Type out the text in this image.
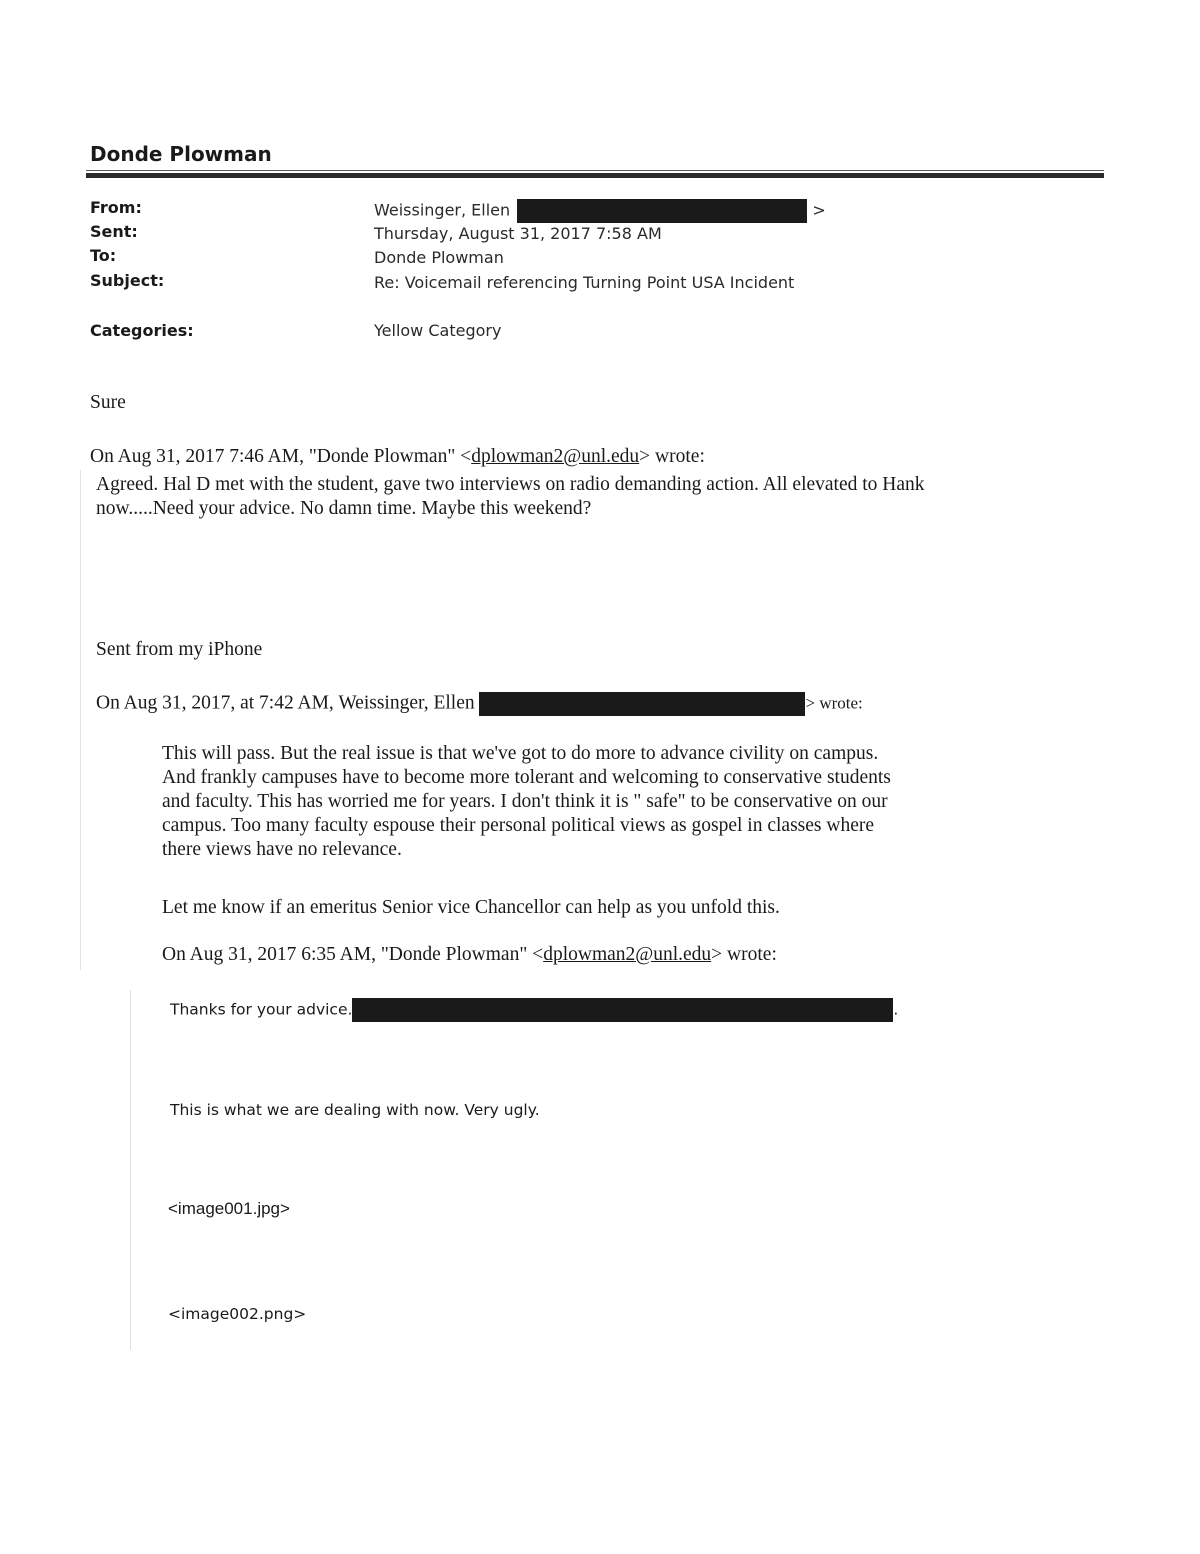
Donde Plowman
From:	Weissinger, Ellen	>
Sent:	Thursday, August 31, 2017 7:58 AM
To:	Donde Plowman
Subject:	Re: Voicemail referencing Turning Point USA Incident
Categories:	Yellow Category
Sure
On Aug 31, 2017 7:46 AM, "Donde Plowman" <dplowman2@unl.edu> wrote:
Agreed. Hal D met with the student, gave two interviews on radio demanding action. All elevated to Hank
now.....Need your advice. No damn time. Maybe this weekend?
Sent from my iPhone
On Aug 31, 2017, at 7:42 AM, Weissinger, Ellen	> wrote:
This will pass. But the real issue is that we've got to do more to advance civility on campus.
And frankly campuses have to become more tolerant and welcoming to conservative students
and faculty. This has worried me for years. I don't think it is " safe" to be conservative on our
campus. Too many faculty espouse their personal political views as gospel in classes where
there views have no relevance.
Let me know if an emeritus Senior vice Chancellor can help as you unfold this.
On Aug 31, 2017 6:35 AM, "Donde Plowman" <dplowman2@unl.edu> wrote:
Thanks for your advice.	.
This is what we are dealing with now. Very ugly.
<image001.jpg>
<image002.png>
